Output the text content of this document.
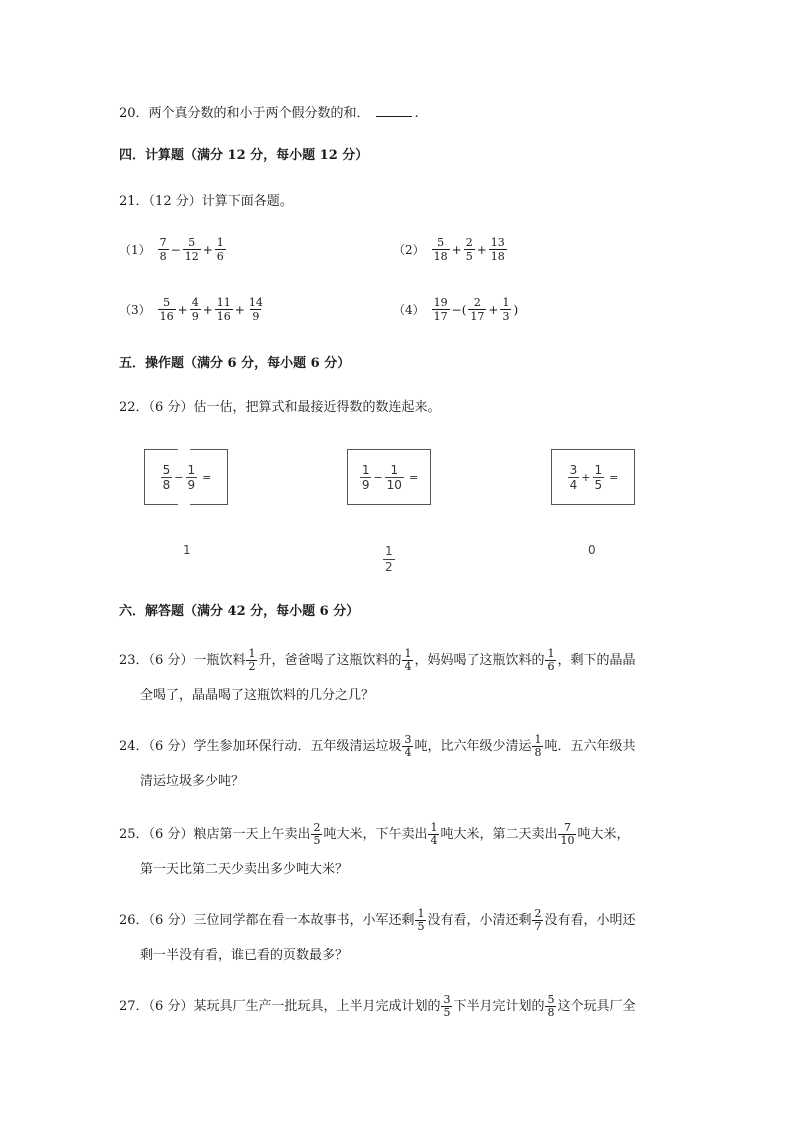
20．两个真分数的和小于两个假分数的和．	.
四．计算题（满分 12 分，每小题 12 分）
21．（12 分）计算下面各题。
$(1) \frac{7}{8} - \frac{5}{12} + \frac{1}{6}$	$(2) \frac{5}{18} + \frac{2}{5} + \frac{13}{18}$
$(3) \frac{5}{16} + \frac{4}{9} + \frac{11}{16} + \frac{14}{9}$	$(4) \frac{19}{17}$ −( $\frac{2}{17} + \frac{1}{3}$ )
五．操作题（满分 6 分，每小题 6 分）
22．（6 分）估一估，把算式和最接近得数的数连起来。
$\frac{5}{8} - \frac{1}{9}$ =	$\frac{1}{9} - \frac{1}{10}$ =	$\frac{3}{4} + \frac{1}{5}$ =
1	$\frac{1}{2}$	0
六．解答题（满分 42 分，每小题 6 分）
23．（6 分）一瓶饮料 $\frac{1}{2}$ 升，爸爸喝了这瓶饮料的 $\frac{1}{4}$ ，妈妈喝了这瓶饮料的 $\frac{1}{6}$ ，剩下的晶晶
全喝了，晶晶喝了这瓶饮料的几分之几？
24．（6 分）学生参加环保行动．五年级清运垃圾 $\frac{3}{4}$ 吨，比六年级少清运 $\frac{1}{8}$ 吨．五六年级共
清运垃圾多少吨？
25．（6 分）粮店第一天上午卖出 $\frac{2}{5}$ 吨大米，下午卖出 $\frac{1}{4}$ 吨大米，第二天卖出 $\frac{7}{10}$ 吨大米，
第一天比第二天少卖出多少吨大米？
26．（6 分）三位同学都在看一本故事书，小军还剩 $\frac{1}{5}$ 没有看，小清还剩 $\frac{2}{7}$ 没有看，小明还
剩一半没有看，谁已看的页数最多？
27．（6 分）某玩具厂生产一批玩具，上半月完成计划的 $\frac{3}{5}$ 下半月完计划的 $\frac{5}{8}$ 这个玩具厂全
